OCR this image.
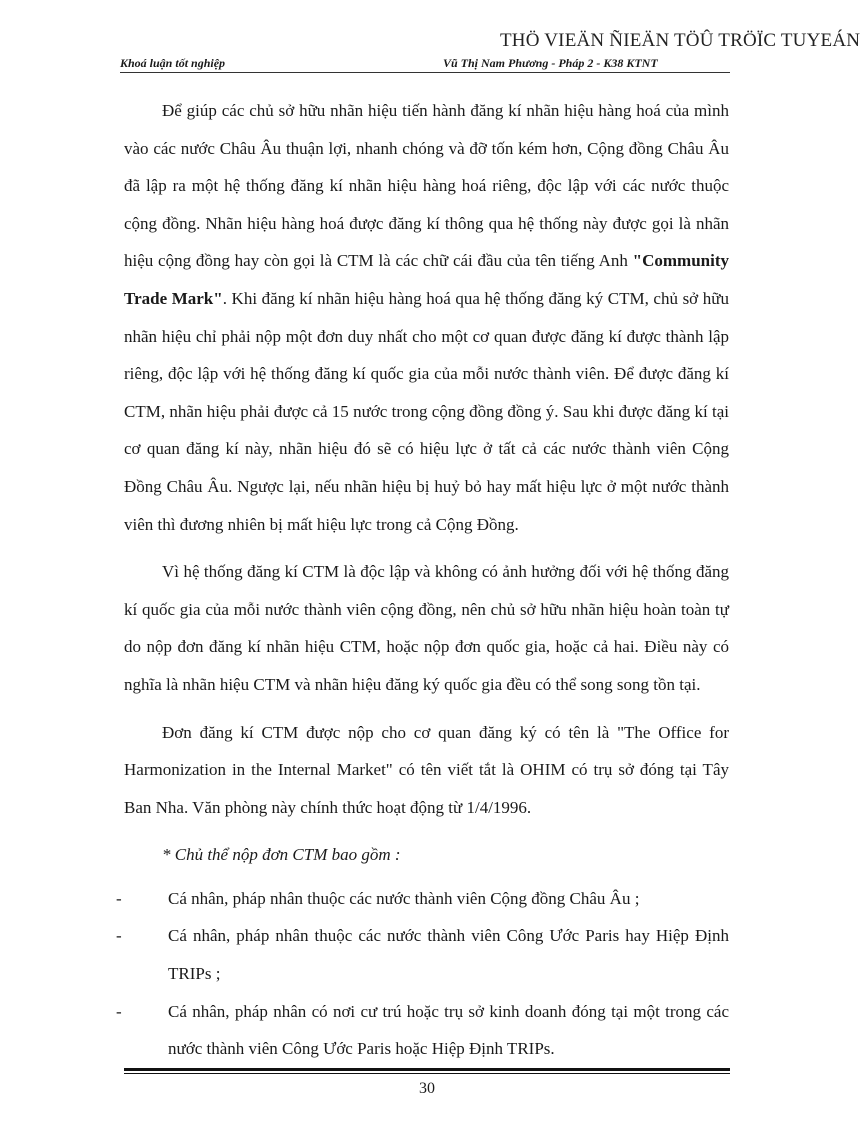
THÖ VIEÄN ÑIEÄN TÖÛ TRÖÏC TUYEÁN
Khoá luận tốt nghiệp	Vũ Thị Nam Phương - Pháp 2 - K38 KTNT

Để giúp các chủ sở hữu nhãn hiệu tiến hành đăng kí nhãn hiệu hàng hoá của mình vào các nước Châu Âu thuận lợi, nhanh chóng và đỡ tốn kém hơn, Cộng đồng Châu Âu đã lập ra một hệ thống đăng kí nhãn hiệu hàng hoá riêng, độc lập với các nước thuộc cộng đồng. Nhãn hiệu hàng hoá được đăng kí thông qua hệ thống này được gọi là nhãn hiệu cộng đồng hay còn gọi là CTM là các chữ cái đầu của tên tiếng Anh "Community Trade Mark". Khi đăng kí nhãn hiệu hàng hoá qua hệ thống đăng ký CTM, chủ sở hữu nhãn hiệu chỉ phải nộp một đơn duy nhất cho một cơ quan được đăng kí được thành lập riêng, độc lập với hệ thống đăng kí quốc gia của mỗi nước thành viên. Để được đăng kí CTM, nhãn hiệu phải được cả 15 nước trong cộng đồng đồng ý. Sau khi được đăng kí tại cơ quan đăng kí này, nhãn hiệu đó sẽ có hiệu lực ở tất cả các nước thành viên Cộng Đồng Châu Âu. Ngược lại, nếu nhãn hiệu bị huỷ bỏ hay mất hiệu lực ở một nước thành viên thì đương nhiên bị mất hiệu lực trong cả Cộng Đồng.

Vì hệ thống đăng kí CTM là độc lập và không có ảnh hưởng đối với hệ thống đăng kí quốc gia của mỗi nước thành viên cộng đồng, nên chủ sở hữu nhãn hiệu hoàn toàn tự do nộp đơn đăng kí nhãn hiệu CTM, hoặc nộp đơn quốc gia, hoặc cả hai. Điều này có nghĩa là nhãn hiệu CTM và nhãn hiệu đăng ký quốc gia đều có thể song song tồn tại.

Đơn đăng kí CTM được nộp cho cơ quan đăng ký có tên là "The Office for Harmonization in the Internal Market" có tên viết tắt là OHIM có trụ sở đóng tại Tây Ban Nha. Văn phòng này chính thức hoạt động từ 1/4/1996.

* Chủ thể nộp đơn CTM bao gồm :

-	Cá nhân, pháp nhân thuộc các nước thành viên Cộng đồng Châu Âu ;
-	Cá nhân, pháp nhân thuộc các nước thành viên Công Ước Paris hay Hiệp Định TRIPs ;
-	Cá nhân, pháp nhân có nơi cư trú hoặc trụ sở kinh doanh đóng tại một trong các nước thành viên Công Ước Paris hoặc Hiệp Định TRIPs.
30
